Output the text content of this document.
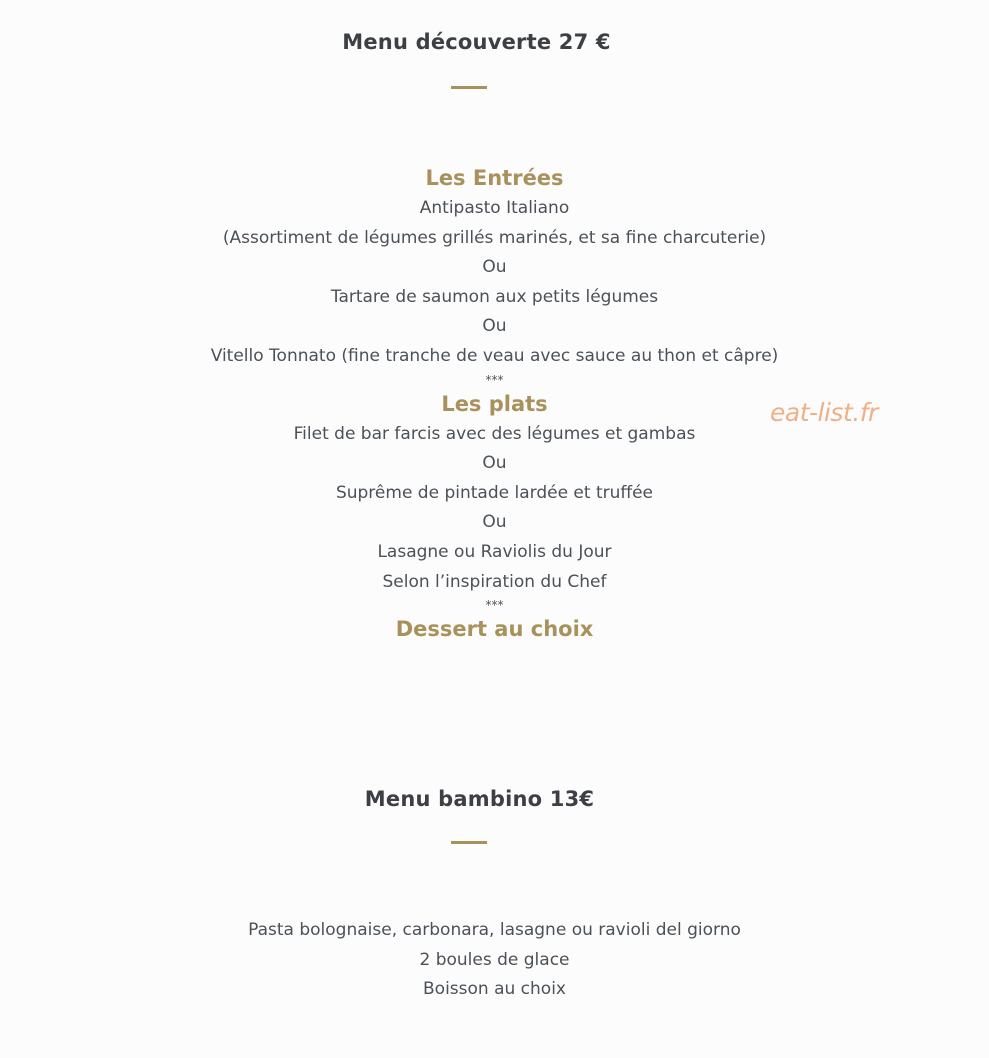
Menu découverte 27 €
Les Entrées

Antipasto Italiano

(Assortiment de légumes grillés marinés, et sa fine charcuterie)

Ou

Tartare de saumon aux petits légumes

Ou

Vitello Tonnato (fine tranche de veau avec sauce au thon et câpre)

***

Les plats

Filet de bar farcis avec des légumes et gambas

Ou

Suprême de pintade lardée et truffée

Ou

Lasagne ou Raviolis du Jour

Selon l’inspiration du Chef

***

Dessert au choix
eat-list.fr
Menu bambino 13€

Pasta bolognaise, carbonara, lasagne ou ravioli del giorno

2 boules de glace

Boisson au choix
